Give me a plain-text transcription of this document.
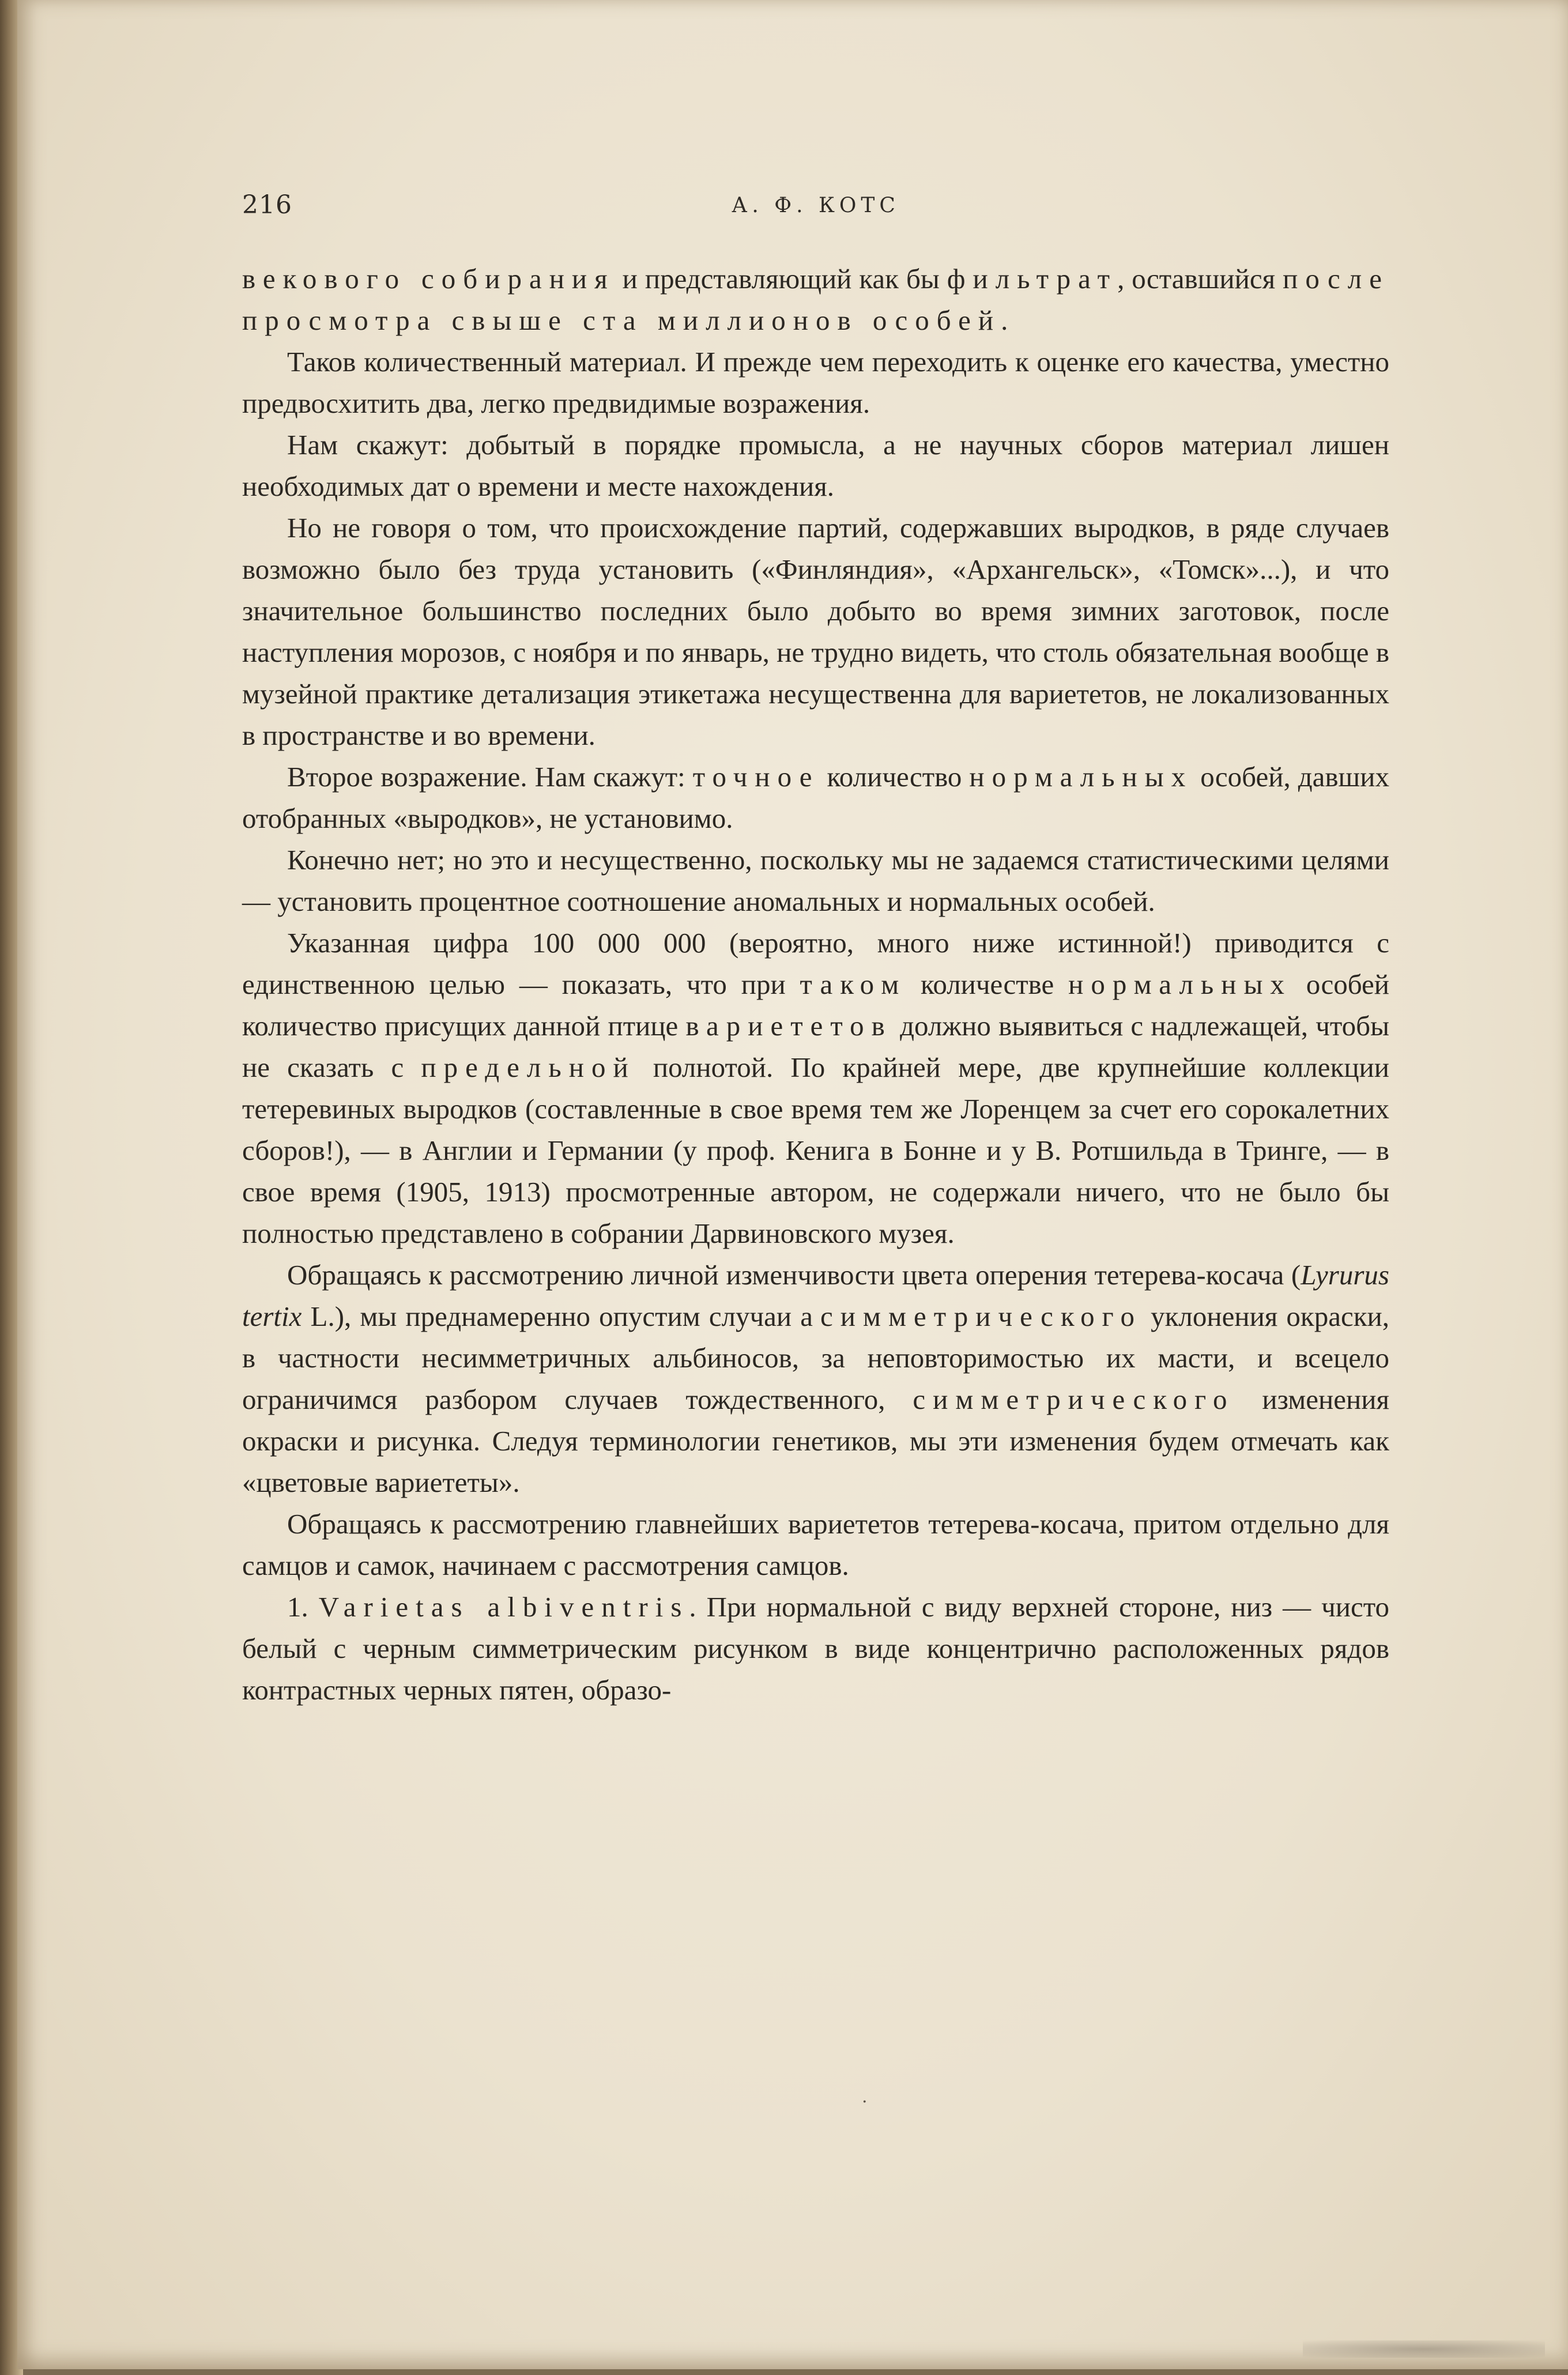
216	А. Ф. КОТС

векового собирания и представляющий как бы фильтрат, оставшийся после просмотра свыше ста миллионов особей.

Таков количественный материал. И прежде чем переходить к оценке его качества, уместно предвосхитить два, легко предвидимые возражения.

Нам скажут: добытый в порядке промысла, а не научных сборов материал лишен необходимых дат о времени и месте нахождения.

Но не говоря о том, что происхождение партий, содержавших выродков, в ряде случаев возможно было без труда установить («Финляндия», «Архангельск», «Томск»...), и что значительное большинство последних было добыто во время зимних заготовок, после наступления морозов, с ноября и по январь, не трудно видеть, что столь обязательная вообще в музейной практике детализация этикетажа несущественна для вариететов, не локализованных в пространстве и во времени.

Второе возражение. Нам скажут: точное количество нормальных особей, давших отобранных «выродков», не установимо.

Конечно нет; но это и несущественно, поскольку мы не задаемся статистическими целями — установить процентное соотношение аномальных и нормальных особей.

Указанная цифра 100 000 000 (вероятно, много ниже истинной!) приводится с единственною целью — показать, что при таком количестве нормальных особей количество присущих данной птице вариететов должно выявиться с надлежащей, чтобы не сказать с предельной полнотой. По крайней мере, две крупнейшие коллекции тетеревиных выродков (составленные в свое время тем же Лоренцем за счет его сорокалетних сборов!), — в Англии и Германии (у проф. Кенига в Бонне и у В. Ротшильда в Тринге, — в свое время (1905, 1913) просмотренные автором, не содержали ничего, что не было бы полностью представлено в собрании Дарвиновского музея.

Обращаясь к рассмотрению личной изменчивости цвета оперения тетерева-косача (Lyrurus tertix L.), мы преднамеренно опустим случаи асимметрического уклонения окраски, в частности несимметричных альбиносов, за неповторимостью их масти, и всецело ограничимся разбором случаев тождественного, симметрического изменения окраски и рисунка. Следуя терминологии генетиков, мы эти изменения будем отмечать как «цветовые вариететы».

Обращаясь к рассмотрению главнейших вариететов тетерева-косача, притом отдельно для самцов и самок, начинаем с рассмотрения самцов.

1. Varietas albiventris. При нормальной с виду верхней стороне, низ — чисто белый с черным симметрическим рисунком в виде концентрично расположенных рядов контрастных черных пятен, образо-

.
